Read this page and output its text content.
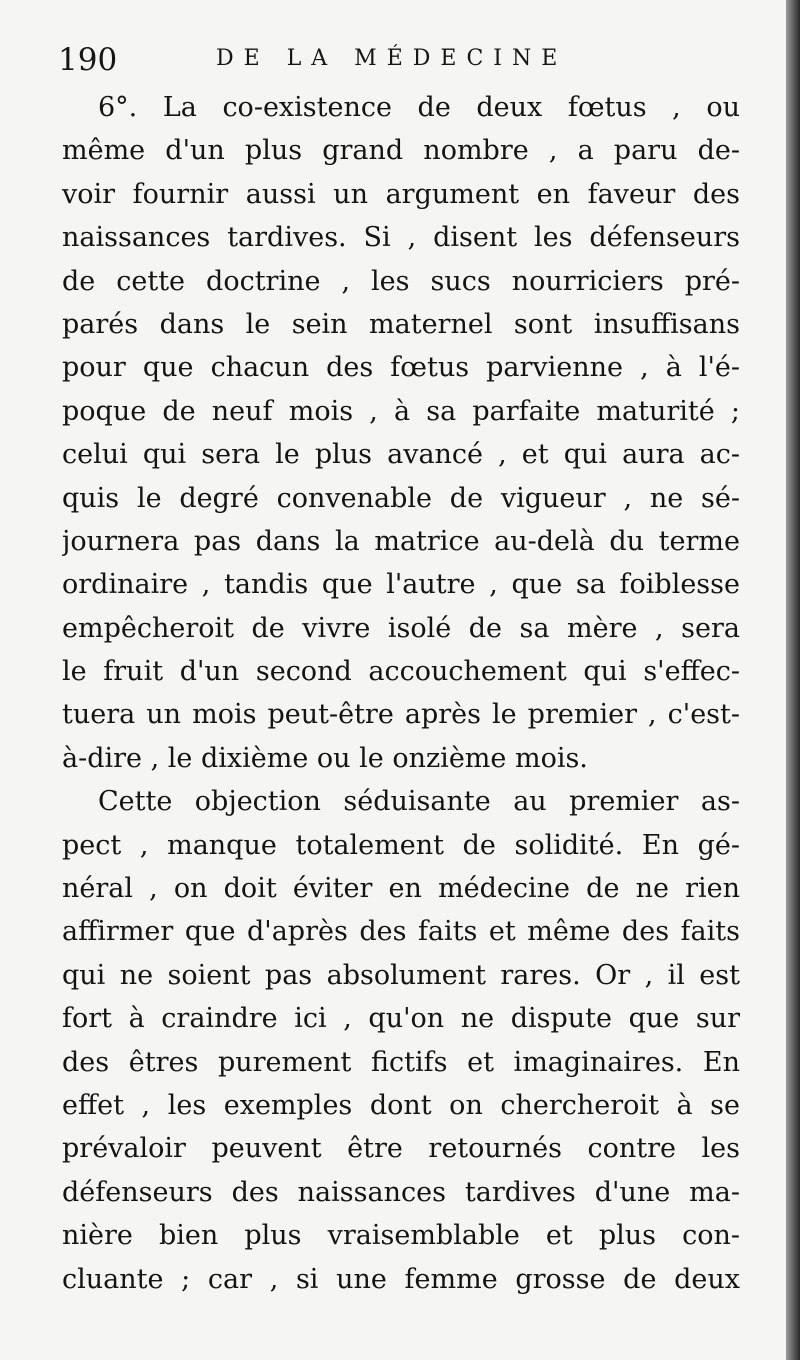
190	DE LA MÉDECINE
6°. La co-existence de deux fœtus , ou
même d'un plus grand nombre , a paru de-
voir fournir aussi un argument en faveur des
naissances tardives. Si , disent les défenseurs
de cette doctrine , les sucs nourriciers pré-
parés dans le sein maternel sont insuffisans
pour que chacun des fœtus parvienne , à l'é-
poque de neuf mois , à sa parfaite maturité ;
celui qui sera le plus avancé , et qui aura ac-
quis le degré convenable de vigueur , ne sé-
journera pas dans la matrice au-delà du terme
ordinaire , tandis que l'autre , que sa foiblesse
empêcheroit de vivre isolé de sa mère , sera
le fruit d'un second accouchement qui s'effec-
tuera un mois peut-être après le premier , c'est-
à-dire , le dixième ou le onzième mois.
Cette objection séduisante au premier as-
pect , manque totalement de solidité. En gé-
néral , on doit éviter en médecine de ne rien
affirmer que d'après des faits et même des faits
qui ne soient pas absolument rares. Or , il est
fort à craindre ici , qu'on ne dispute que sur
des êtres purement fictifs et imaginaires. En
effet , les exemples dont on chercheroit à se
prévaloir peuvent être retournés contre les
défenseurs des naissances tardives d'une ma-
nière bien plus vraisemblable et plus con-
cluante ; car , si une femme grosse de deux
